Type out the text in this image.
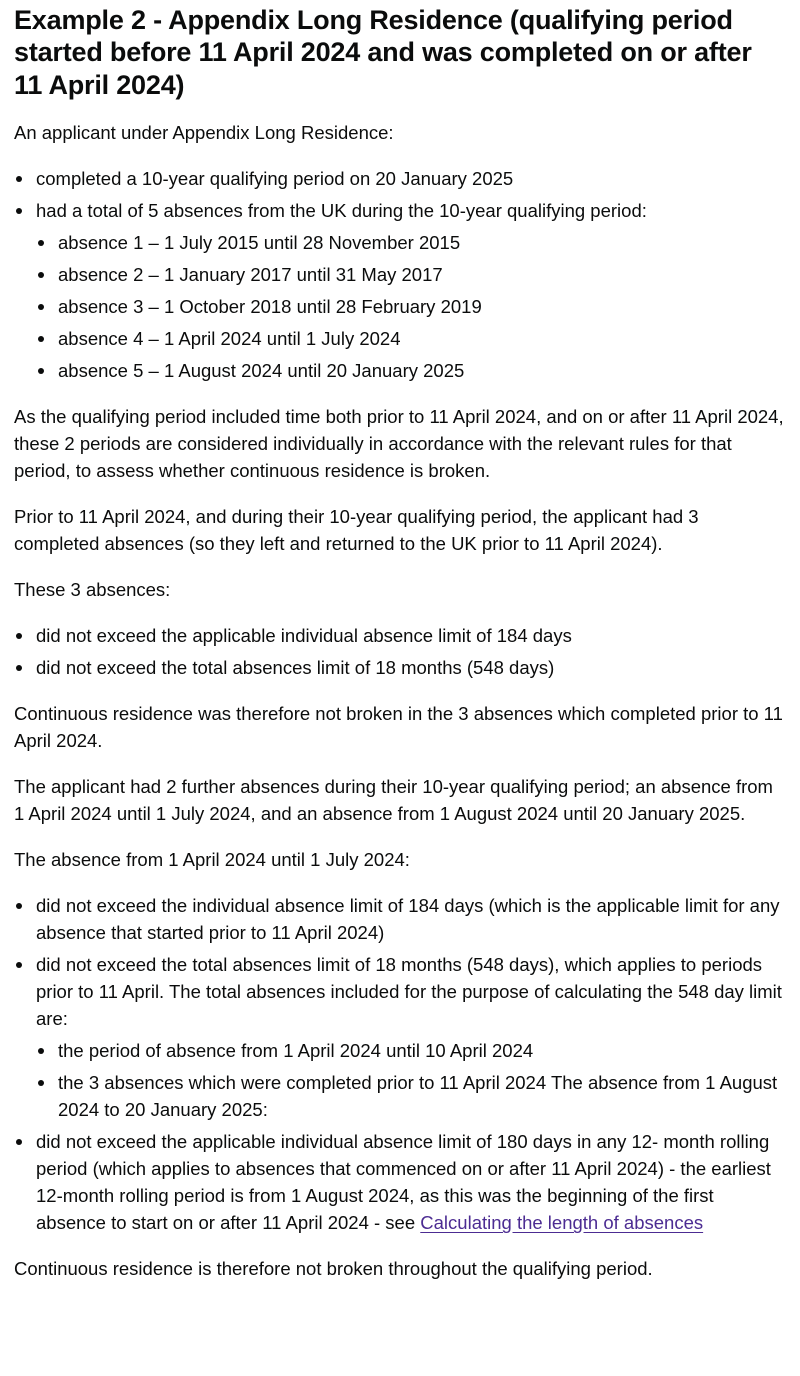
Example 2 - Appendix Long Residence (qualifying period started before 11 April 2024 and was completed on or after 11 April 2024)

An applicant under Appendix Long Residence:

completed a 10-year qualifying period on 20 January 2025
had a total of 5 absences from the UK during the 10-year qualifying period:
absence 1 – 1 July 2015 until 28 November 2015
absence 2 – 1 January 2017 until 31 May 2017
absence 3 – 1 October 2018 until 28 February 2019
absence 4 – 1 April 2024 until 1 July 2024
absence 5 – 1 August 2024 until 20 January 2025

As the qualifying period included time both prior to 11 April 2024, and on or after 11 April 2024, these 2 periods are considered individually in accordance with the relevant rules for that period, to assess whether continuous residence is broken.

Prior to 11 April 2024, and during their 10-year qualifying period, the applicant had 3 completed absences (so they left and returned to the UK prior to 11 April 2024).

These 3 absences:

did not exceed the applicable individual absence limit of 184 days
did not exceed the total absences limit of 18 months (548 days)

Continuous residence was therefore not broken in the 3 absences which completed prior to 11 April 2024.

The applicant had 2 further absences during their 10-year qualifying period; an absence from 1 April 2024 until 1 July 2024, and an absence from 1 August 2024 until 20 January 2025.

The absence from 1 April 2024 until 1 July 2024:

did not exceed the individual absence limit of 184 days (which is the applicable limit for any absence that started prior to 11 April 2024)
did not exceed the total absences limit of 18 months (548 days), which applies to periods prior to 11 April. The total absences included for the purpose of calculating the 548 day limit are:
the period of absence from 1 April 2024 until 10 April 2024
the 3 absences which were completed prior to 11 April 2024 The absence from 1 August 2024 to 20 January 2025:
did not exceed the applicable individual absence limit of 180 days in any 12- month rolling period (which applies to absences that commenced on or after 11 April 2024) - the earliest 12-month rolling period is from 1 August 2024, as this was the beginning of the first absence to start on or after 11 April 2024 - see Calculating the length of absences

Continuous residence is therefore not broken throughout the qualifying period.
